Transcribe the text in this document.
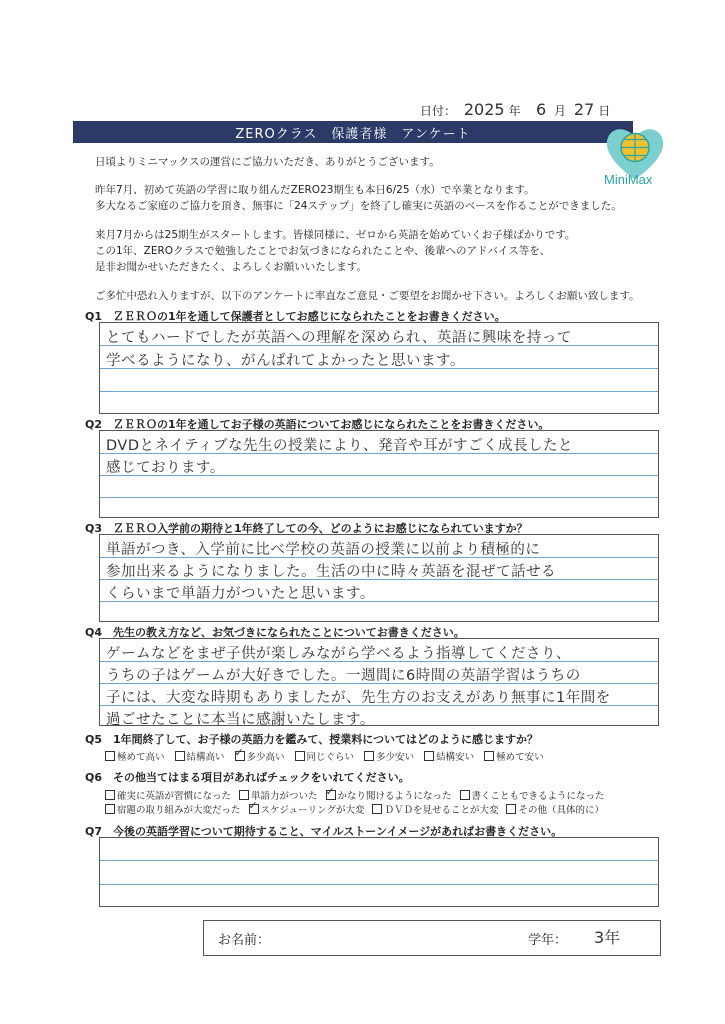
日付： 2025 年 6 月 27 日
ZEROクラス　保護者様　アンケート
MiniMax
日頃よりミニマックスの運営にご協力いただき、ありがとうございます。
昨年7月、初めて英語の学習に取り組んだZERO23期生も本日6/25（水）で卒業となります。
多大なるご家庭のご協力を頂き、無事に「24ステップ」を終了し確実に英語のベースを作ることができました。
来月7月からは25期生がスタートします。皆様同様に、ゼロから英語を始めていくお子様ばかりです。
この1年、ZEROクラスで勉強したことでお気づきになられたことや、後輩へのアドバイス等を、
是非お聞かせいただきたく、よろしくお願いいたします。
ご多忙中恐れ入りますが、以下のアンケートに率直なご意見・ご要望をお聞かせ下さい。よろしくお願い致します。
Q1　ＺＥＲＯの1年を通して保護者としてお感じになられたことをお書きください。
とてもハードでしたが英語への理解を深められ、英語に興味を持って
学べるようになり、がんばれてよかったと思います。
Q2　ＺＥＲＯの1年を通してお子様の英語についてお感じになられたことをお書きください。
DVDとネイティブな先生の授業により、発音や耳がすごく成長したと
感じております。
Q3　ＺＥＲＯ入学前の期待と1年終了しての今、どのようにお感じになられていますか？
単語がつき、入学前に比べ学校の英語の授業に以前より積極的に
参加出来るようになりました。生活の中に時々英語を混ぜて話せる
くらいまで単語力がついたと思います。
Q4　先生の教え方など、お気づきになられたことについてお書きください。
ゲームなどをまぜ子供が楽しみながら学べるよう指導してくださり、
うちの子はゲームが大好きでした。一週間に6時間の英語学習はうちの
子には、大変な時期もありましたが、先生方のお支えがあり無事に1年間を
過ごせたことに本当に感謝いたします。
Q5　1年間終了して、お子様の英語力を鑑みて、授業料についてはどのように感じますか？
極めて高い 結構高い ✓ 多少高い 同じぐらい 多少安い 結構安い 極めて安い
Q6　その他当てはまる項目があればチェックをいれてください。
確実に英語が習慣になった 単語力がついた ✓ かなり聞けるようになった 書くこともできるようになった
宿題の取り組みが大変だった ✓ スケジューリングが大変 ＤＶＤを見せることが大変 その他（具体的に）
Q7　今後の英語学習について期待すること、マイルストーンイメージがあればお書きください。
お名前：	学年： 3年
